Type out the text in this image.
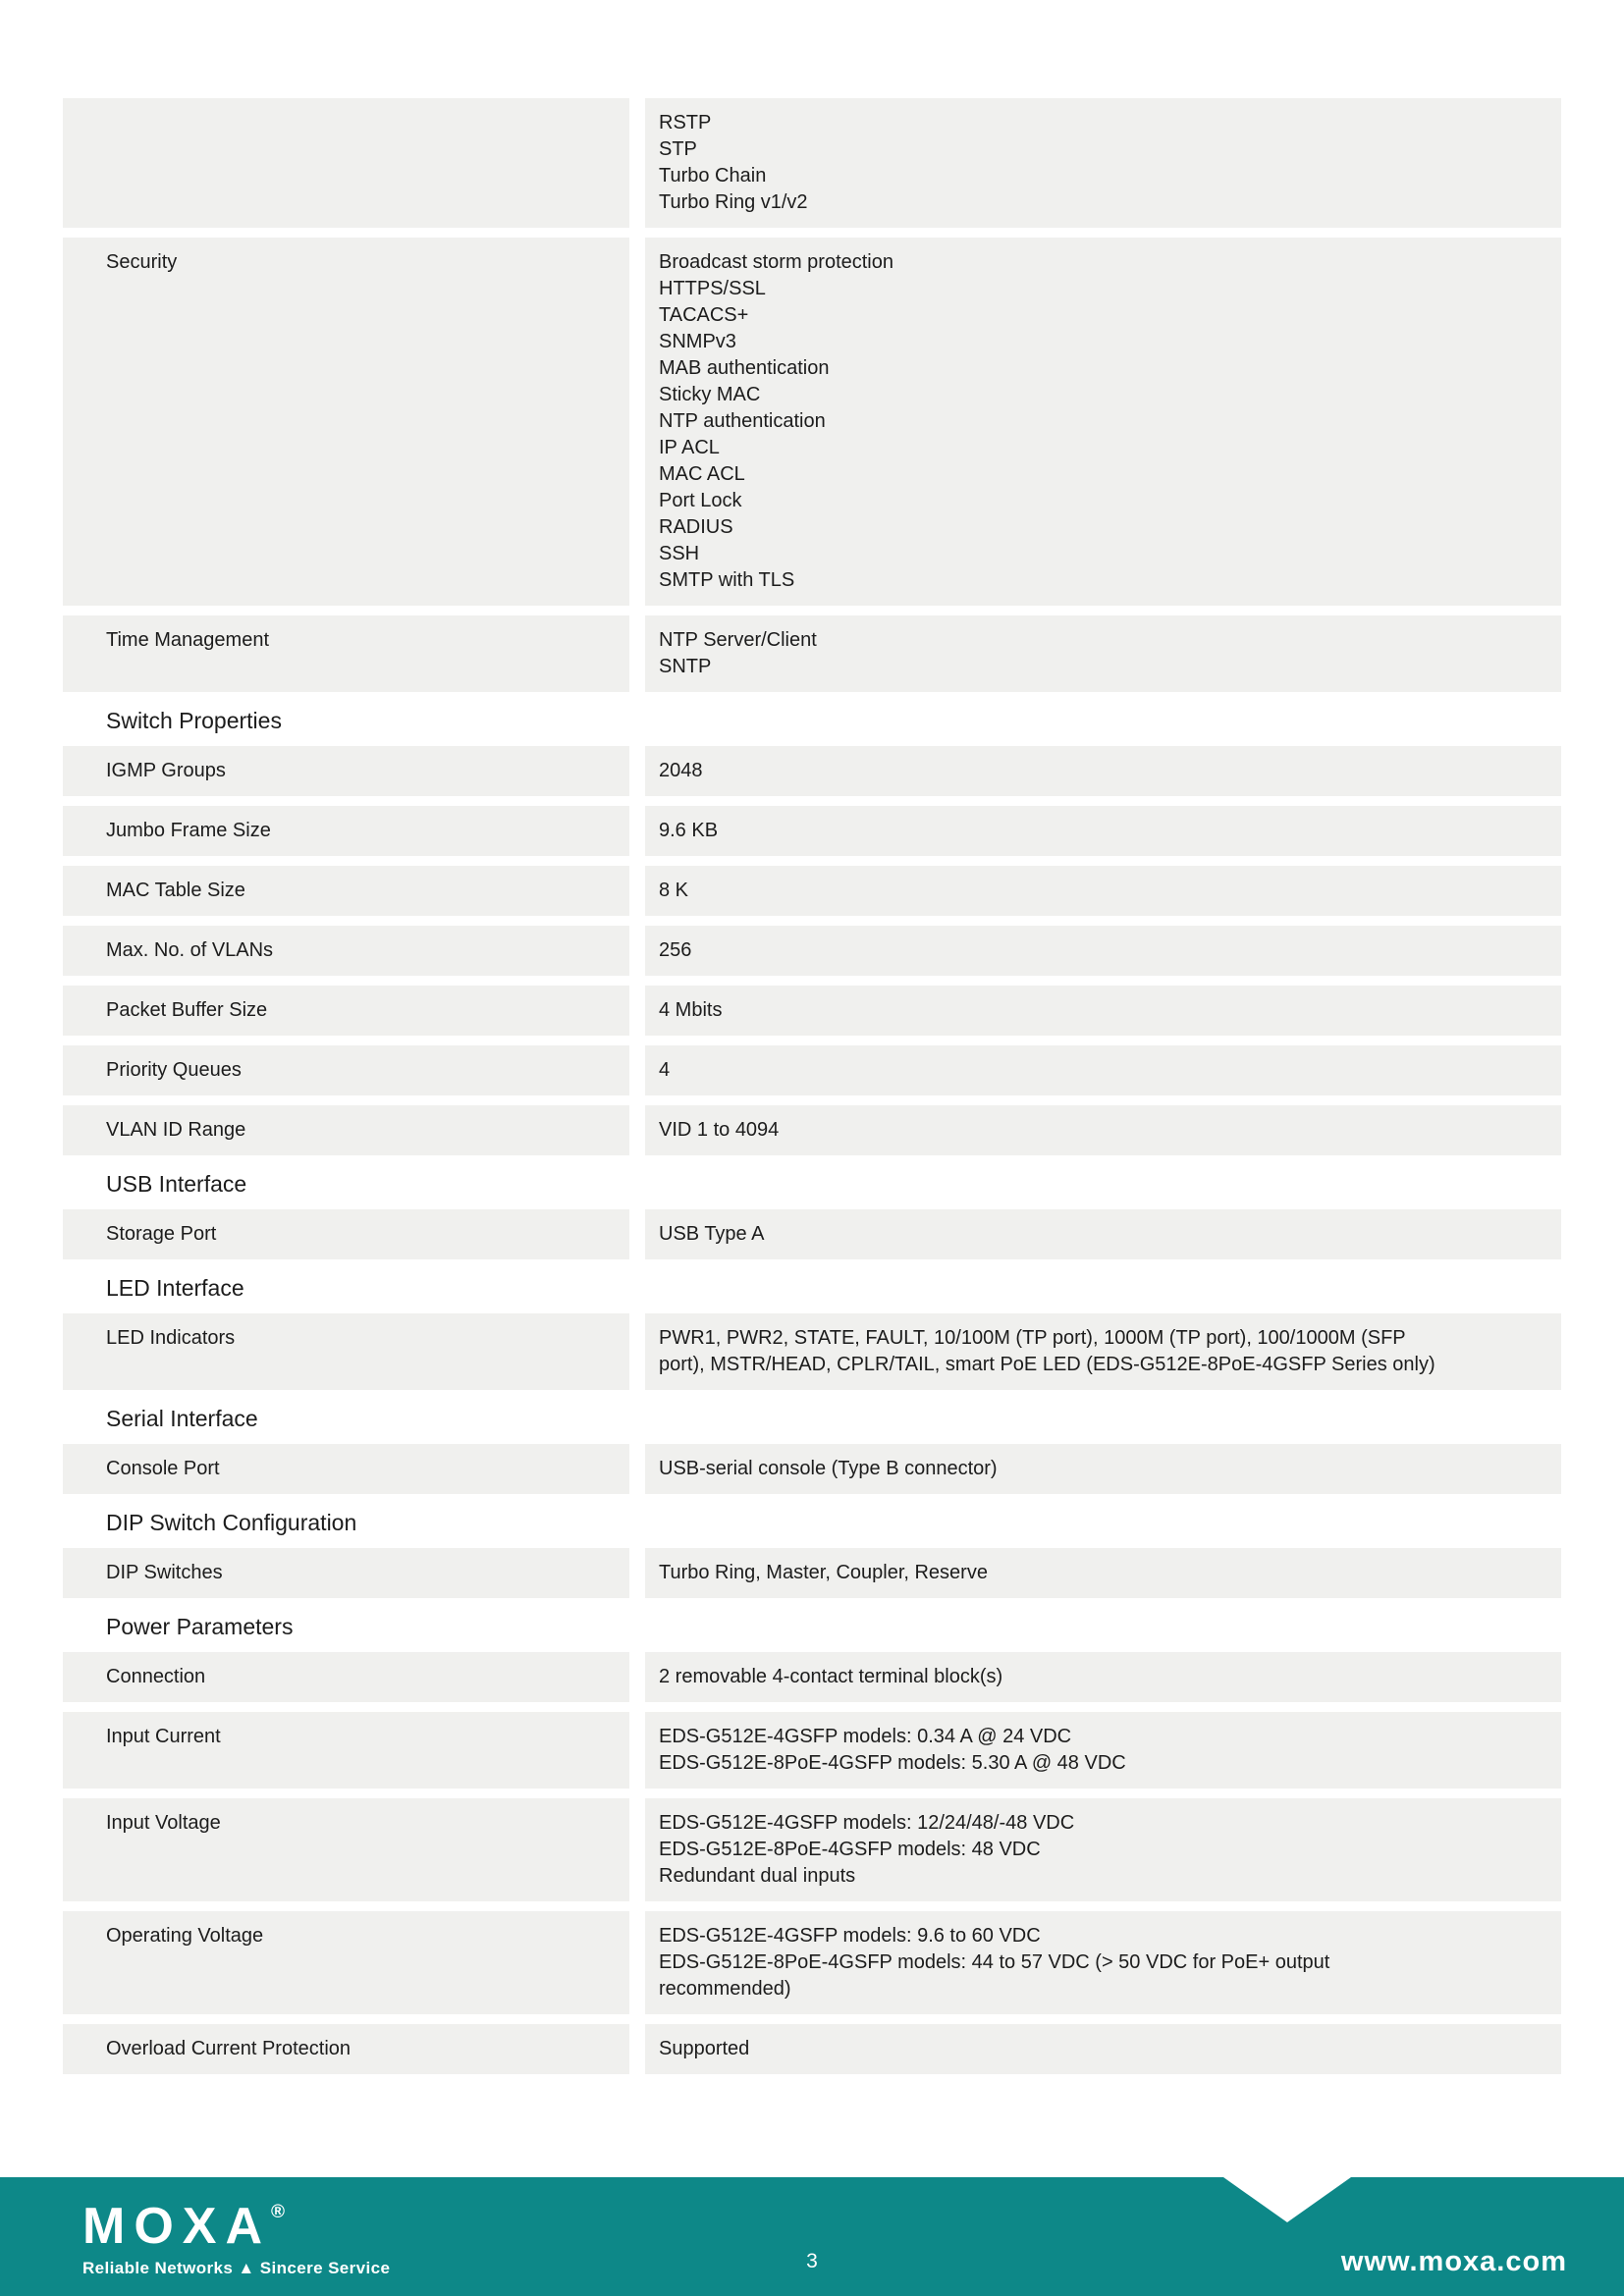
RSTP
STP
Turbo Chain
Turbo Ring v1/v2
Security	Broadcast storm protection
HTTPS/SSL
TACACS+
SNMPv3
MAB authentication
Sticky MAC
NTP authentication
IP ACL
MAC ACL
Port Lock
RADIUS
SSH
SMTP with TLS
Time Management	NTP Server/Client
SNTP
Switch Properties
IGMP Groups	2048
Jumbo Frame Size	9.6 KB
MAC Table Size	8 K
Max. No. of VLANs	256
Packet Buffer Size	4 Mbits
Priority Queues	4
VLAN ID Range	VID 1 to 4094
USB Interface
Storage Port	USB Type A
LED Interface
LED Indicators	PWR1, PWR2, STATE, FAULT, 10/100M (TP port), 1000M (TP port), 100/1000M (SFP port), MSTR/HEAD, CPLR/TAIL, smart PoE LED (EDS-G512E-8PoE-4GSFP Series only)
Serial Interface
Console Port	USB-serial console (Type B connector)
DIP Switch Configuration
DIP Switches	Turbo Ring, Master, Coupler, Reserve
Power Parameters
Connection	2 removable 4-contact terminal block(s)
Input Current	EDS-G512E-4GSFP models: 0.34 A @ 24 VDC
EDS-G512E-8PoE-4GSFP models: 5.30 A @ 48 VDC
Input Voltage	EDS-G512E-4GSFP models: 12/24/48/-48 VDC
EDS-G512E-8PoE-4GSFP models: 48 VDC
Redundant dual inputs
Operating Voltage	EDS-G512E-4GSFP models: 9.6 to 60 VDC
EDS-G512E-8PoE-4GSFP models: 44 to 57 VDC (> 50 VDC for PoE+ output recommended)
Overload Current Protection	Supported
MOXA®
Reliable Networks ▲ Sincere Service	3	www.moxa.com
